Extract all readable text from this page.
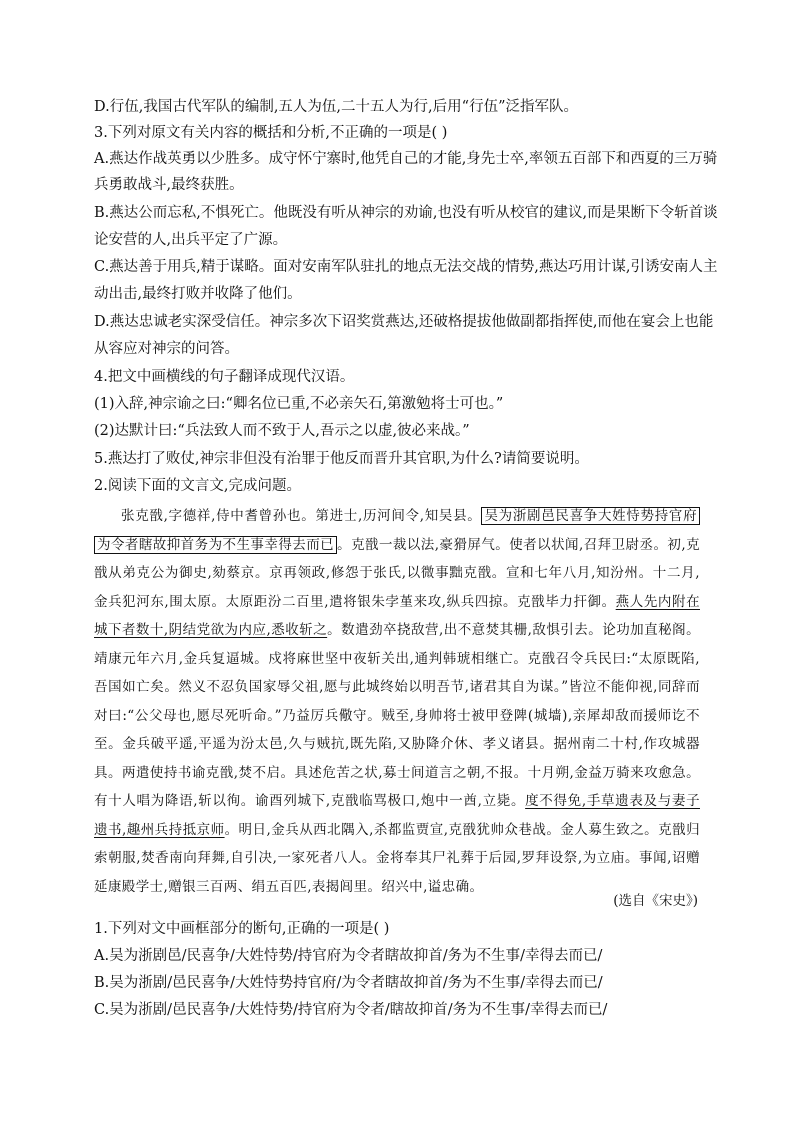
D.行伍,我国古代军队的编制,五人为伍,二十五人为行,后用“行伍”泛指军队。
3.下列对原文有关内容的概括和分析,不正确的一项是( )
A.燕达作战英勇以少胜多。成守怀宁寨时,他凭自己的才能,身先士卒,率领五百部下和西夏的三万骑
兵勇敢战斗,最终获胜。
B.燕达公而忘私,不惧死亡。他既没有听从神宗的劝谕,也没有听从校官的建议,而是果断下令斩首谈
论安营的人,出兵平定了广源。
C.燕达善于用兵,精于谋略。面对安南军队驻扎的地点无法交战的情势,燕达巧用计谋,引诱安南人主
动出击,最终打败并收降了他们。
D.燕达忠诚老实深受信任。神宗多次下诏奖赏燕达,还破格提拔他做副都指挥使,而他在宴会上也能
从容应对神宗的问答。
4.把文中画横线的句子翻译成现代汉语。
(1)入辞,神宗谕之曰:“卿名位已重,不必亲矢石,第激勉将士可也。”
(2)达默计曰:“兵法致人而不致于人,吾示之以虚,彼必来战。”
5.燕达打了败仗,神宗非但没有治罪于他反而晋升其官职,为什么?请简要说明。
2.阅读下面的文言文,完成问题。
张克戩,字德祥,侍中耆曾孙也。第进士,历河间令,知吴县。 吴为浙剧邑民喜争大姓恃势持官府为令者瞎故抑首务为不生事幸得去而已 。克戩一裁以法,豪猾屏气。使者以状闻,召拜卫尉丞。初,克戩从弟克公为御史,劾蔡京。京再领政,修怨于张氏,以微事黜克戩。宣和七年八月,知汾州。十二月,金兵犯河东,围太原。太原距汾二百里,遣将银朱孛堇来攻,纵兵四掠。克戩毕力扞御。燕人先内附在城下者数十,阴结党欲为内应,悉收斩之。数遣劲卒挠敌营,出不意焚其栅,敌惧引去。论功加直秘阁。靖康元年六月,金兵复逼城。戍将麻世坚中夜斩关出,通判韩琥相继亡。克戩召令兵民曰:“太原既陷,吾国如亡矣。然义不忍负国家辱父祖,愿与此城终始以明吾节,诸君其自为谋。”皆泣不能仰视,同辞而对曰:“公父母也,愿尽死听命。”乃益厉兵儆守。贼至,身帅将士被甲登陴(城墙),亲犀却敌而援师讫不至。金兵破平遥,平遥为汾太邑,久与贼抗,既先陷,又胁降介休、孝义诸县。据州南二十村,作攻城器具。两遣使持书谕克戩,焚不启。具述危苦之状,募士间道言之朝,不报。十月朔,金益万骑来攻愈急。有十人唱为降语,斩以徇。谕酉列城下,克戩临骂极口,炮中一酋,立毙。度不得免,手草遗表及与妻子遗书,趣州兵持抵京师。明日,金兵从西北隅入,杀都监贾宣,克戩犹帅众巷战。金人募生致之。克戩归索朝服,焚香南向拜舞,自引决,一家死者八人。金将奉其尸礼葬于后园,罗拜设祭,为立庙。事闻,诏赠延康殿学士,赠银三百两、绢五百匹,表揭闾里。绍兴中,谥忠确。
(选自《宋史》)
1.下列对文中画框部分的断句,正确的一项是( )
A.吴为浙剧邑/民喜争/大姓恃势/持官府为令者瞎故抑首/务为不生事/幸得去而已/
B.吴为浙剧/邑民喜争/大姓恃势持官府/为令者瞎故抑首/务为不生事/幸得去而已/
C.吴为浙剧/邑民喜争/大姓恃势/持官府为令者/瞎故抑首/务为不生事/幸得去而已/
